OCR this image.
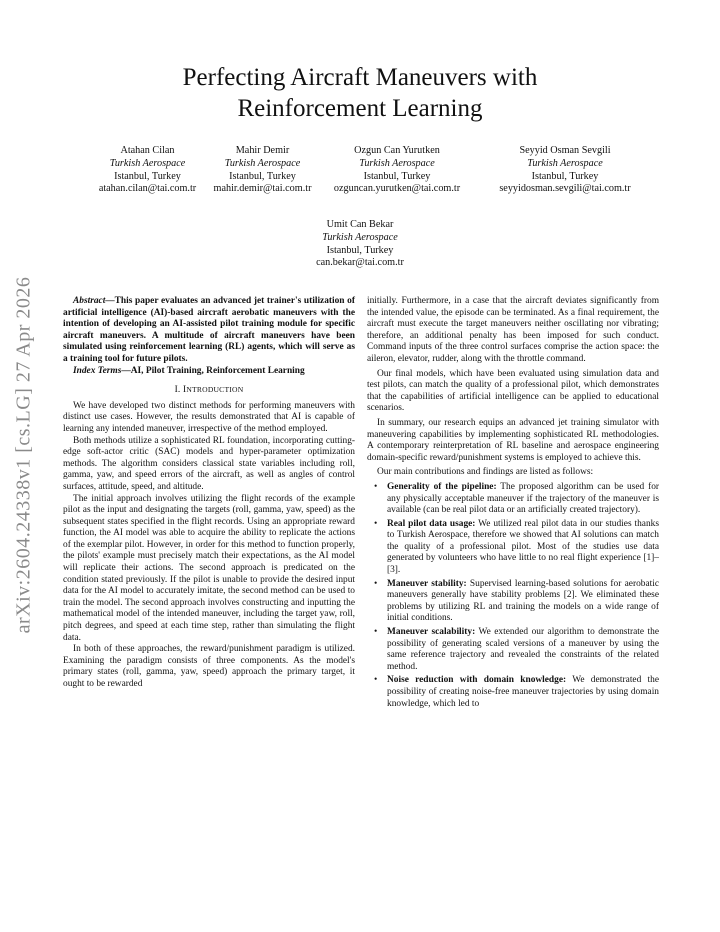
arXiv:2604.24338v1 [cs.LG] 27 Apr 2026
Perfecting Aircraft Maneuvers with
Reinforcement Learning
Atahan Cilan
Turkish Aerospace
Istanbul, Turkey
atahan.cilan@tai.com.tr
Mahir Demir
Turkish Aerospace
Istanbul, Turkey
mahir.demir@tai.com.tr
Ozgun Can Yurutken
Turkish Aerospace
Istanbul, Turkey
ozguncan.yurutken@tai.com.tr
Seyyid Osman Sevgili
Turkish Aerospace
Istanbul, Turkey
seyyidosman.sevgili@tai.com.tr
Umit Can Bekar
Turkish Aerospace
Istanbul, Turkey
can.bekar@tai.com.tr

Abstract—This paper evaluates an advanced jet trainer's utilization of artificial intelligence (AI)-based aircraft aerobatic maneuvers with the intention of developing an AI-assisted pilot training module for specific aircraft maneuvers. A multitude of aircraft maneuvers have been simulated using reinforcement learning (RL) agents, which will serve as a training tool for future pilots.

Index Terms—AI, Pilot Training, Reinforcement Learning

I. INTRODUCTION

We have developed two distinct methods for performing maneuvers with distinct use cases. However, the results demonstrated that AI is capable of learning any intended maneuver, irrespective of the method employed.

Both methods utilize a sophisticated RL foundation, incorporating cutting-edge soft-actor critic (SAC) models and hyper-parameter optimization methods. The algorithm considers classical state variables including roll, gamma, yaw, and speed errors of the aircraft, as well as angles of control surfaces, attitude, speed, and altitude.

The initial approach involves utilizing the flight records of the example pilot as the input and designating the targets (roll, gamma, yaw, speed) as the subsequent states specified in the flight records. Using an appropriate reward function, the AI model was able to acquire the ability to replicate the actions of the exemplar pilot. However, in order for this method to function properly, the pilots' example must precisely match their expectations, as the AI model will replicate their actions. The second approach is predicated on the condition stated previously. If the pilot is unable to provide the desired input data for the AI model to accurately imitate, the second method can be used to train the model. The second approach involves constructing and inputting the mathematical model of the intended maneuver, including the target yaw, roll, pitch degrees, and speed at each time step, rather than simulating the flight data.

In both of these approaches, the reward/punishment paradigm is utilized. Examining the paradigm consists of three components. As the model's primary states (roll, gamma, yaw, speed) approach the primary target, it ought to be rewarded

initially. Furthermore, in a case that the aircraft deviates significantly from the intended value, the episode can be terminated. As a final requirement, the aircraft must execute the target maneuvers neither oscillating nor vibrating; therefore, an additional penalty has been imposed for such conduct. Command inputs of the three control surfaces comprise the action space: the aileron, elevator, rudder, along with the throttle command.

Our final models, which have been evaluated using simulation data and test pilots, can match the quality of a professional pilot, which demonstrates that the capabilities of artificial intelligence can be applied to educational scenarios.

In summary, our research equips an advanced jet training simulator with maneuvering capabilities by implementing sophisticated RL methodologies. A contemporary reinterpretation of RL baseline and aerospace engineering domain-specific reward/punishment systems is employed to achieve this.

Our main contributions and findings are listed as follows:

• Generality of the pipeline: The proposed algorithm can be used for any physically acceptable maneuver if the trajectory of the maneuver is available (can be real pilot data or an artificially created trajectory).
• Real pilot data usage: We utilized real pilot data in our studies thanks to Turkish Aerospace, therefore we showed that AI solutions can match the quality of a professional pilot. Most of the studies use data generated by volunteers who have little to no real flight experience [1]–[3].
• Maneuver stability: Supervised learning-based solutions for aerobatic maneuvers generally have stability problems [2]. We eliminated these problems by utilizing RL and training the models on a wide range of initial conditions.
• Maneuver scalability: We extended our algorithm to demonstrate the possibility of generating scaled versions of a maneuver by using the same reference trajectory and revealed the constraints of the related method.
• Noise reduction with domain knowledge: We demonstrated the possibility of creating noise-free maneuver trajectories by using domain knowledge, which led to
